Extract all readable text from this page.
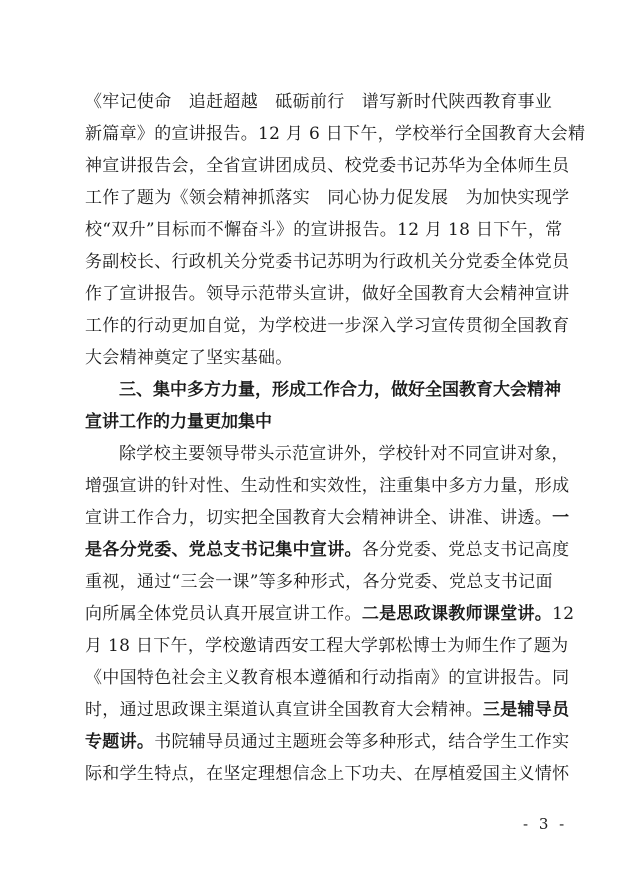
《牢记使命　追赶超越　砥砺前行　谱写新时代陕西教育事业
新篇章》的宣讲报告。12 月 6 日下午，学校举行全国教育大会精
神宣讲报告会，全省宣讲团成员、校党委书记苏华为全体师生员
工作了题为《领会精神抓落实　同心协力促发展　为加快实现学
校“双升”目标而不懈奋斗》的宣讲报告。12 月 18 日下午，常
务副校长、行政机关分党委书记苏明为行政机关分党委全体党员
作了宣讲报告。领导示范带头宣讲，做好全国教育大会精神宣讲
工作的行动更加自觉，为学校进一步深入学习宣传贯彻全国教育
大会精神奠定了坚实基础。
三、集中多方力量，形成工作合力，做好全国教育大会精神
宣讲工作的力量更加集中
除学校主要领导带头示范宣讲外，学校针对不同宣讲对象，
增强宣讲的针对性、生动性和实效性，注重集中多方力量，形成
宣讲工作合力，切实把全国教育大会精神讲全、讲准、讲透。一
是各分党委、党总支书记集中宣讲。各分党委、党总支书记高度
重视，通过“三会一课”等多种形式，各分党委、党总支书记面
向所属全体党员认真开展宣讲工作。二是思政课教师课堂讲。12
月 18 日下午，学校邀请西安工程大学郭松博士为师生作了题为
《中国特色社会主义教育根本遵循和行动指南》的宣讲报告。同
时，通过思政课主渠道认真宣讲全国教育大会精神。三是辅导员
专题讲。书院辅导员通过主题班会等多种形式，结合学生工作实
际和学生特点，在坚定理想信念上下功夫、在厚植爱国主义情怀
- 3 -
